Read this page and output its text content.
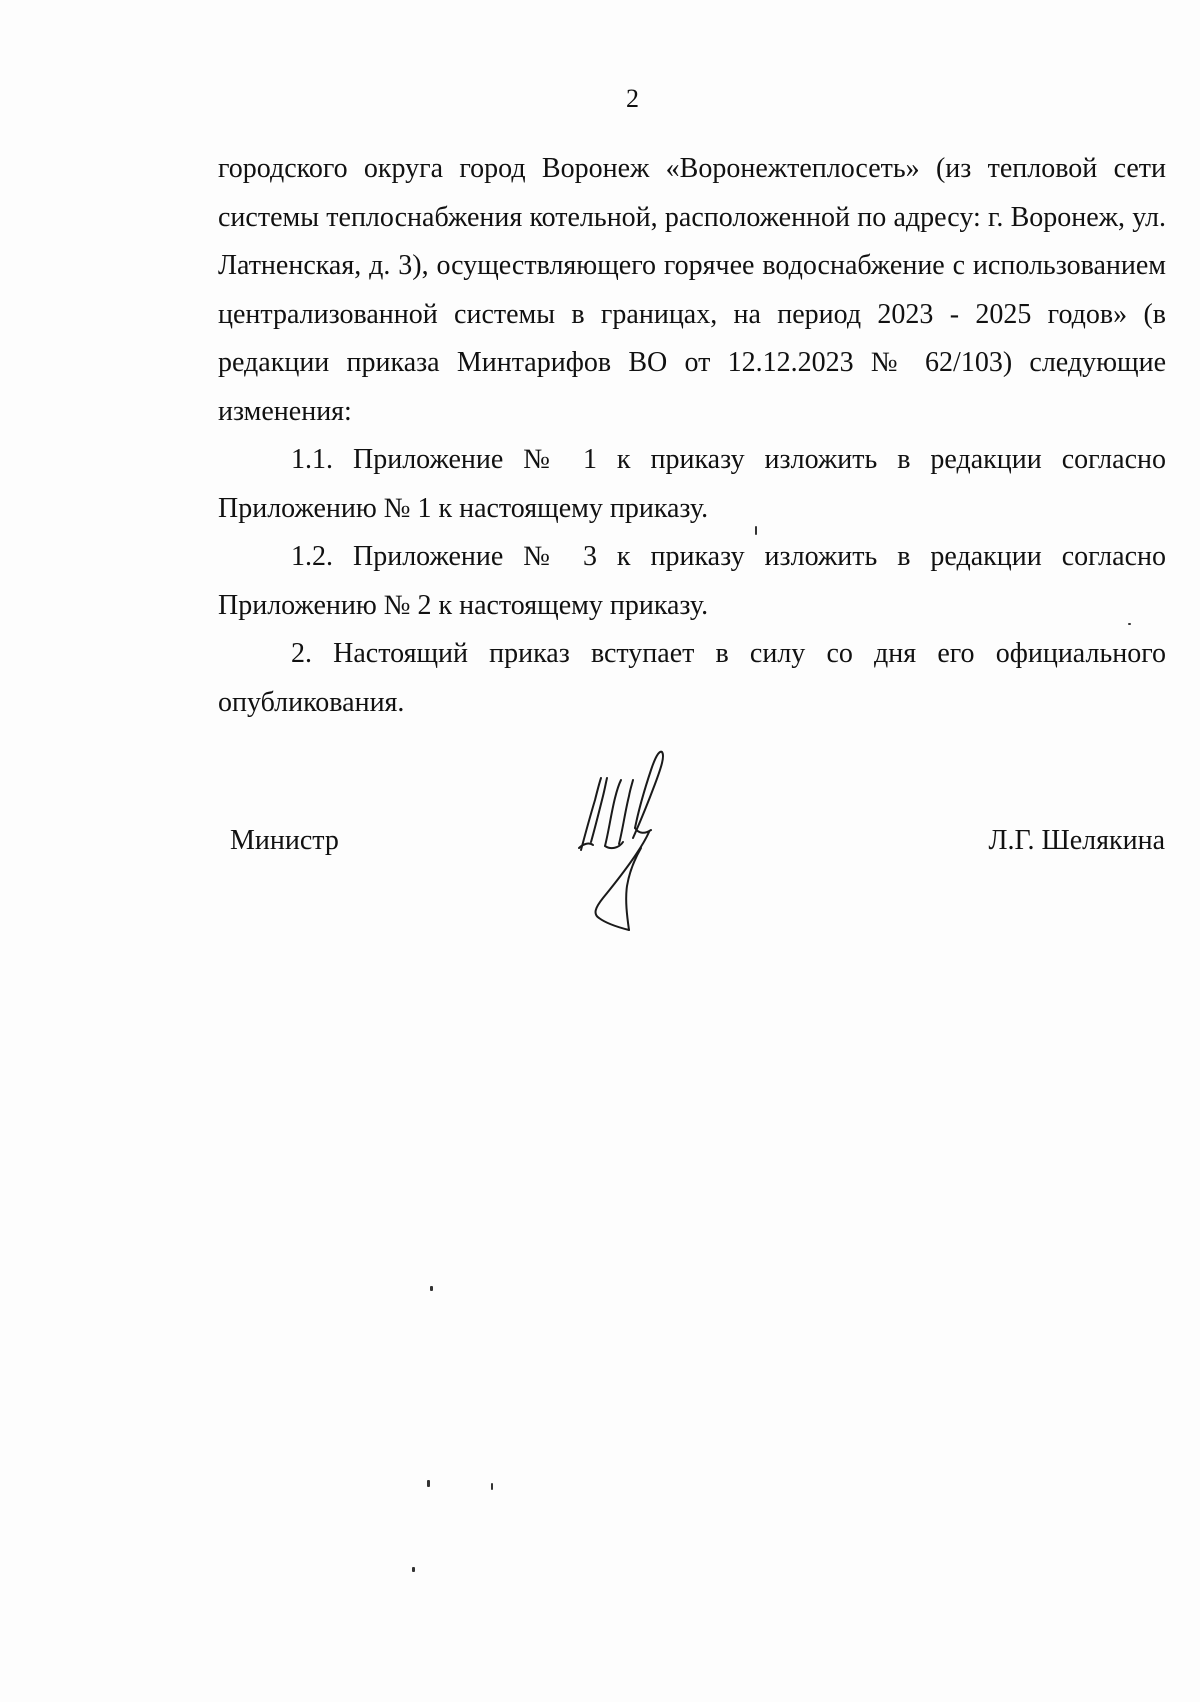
2

городского округа город Воронеж «Воронежтеплосеть» (из тепловой сети системы теплоснабжения котельной, расположенной по адресу: г. Воронеж, ул. Латненская, д. 3), осуществляющего горячее водоснабжение с использованием централизованной системы в границах, на период 2023 - 2025 годов» (в редакции приказа Минтарифов ВО от 12.12.2023 № 62/103) следующие изменения:

1.1. Приложение № 1 к приказу изложить в редакции согласно Приложению № 1 к настоящему приказу.

1.2. Приложение № 3 к приказу изложить в редакции согласно Приложению № 2 к настоящему приказу.

2. Настоящий приказ вступает в силу со дня его официального опубликования.

Министр	Л.Г. Шелякина
